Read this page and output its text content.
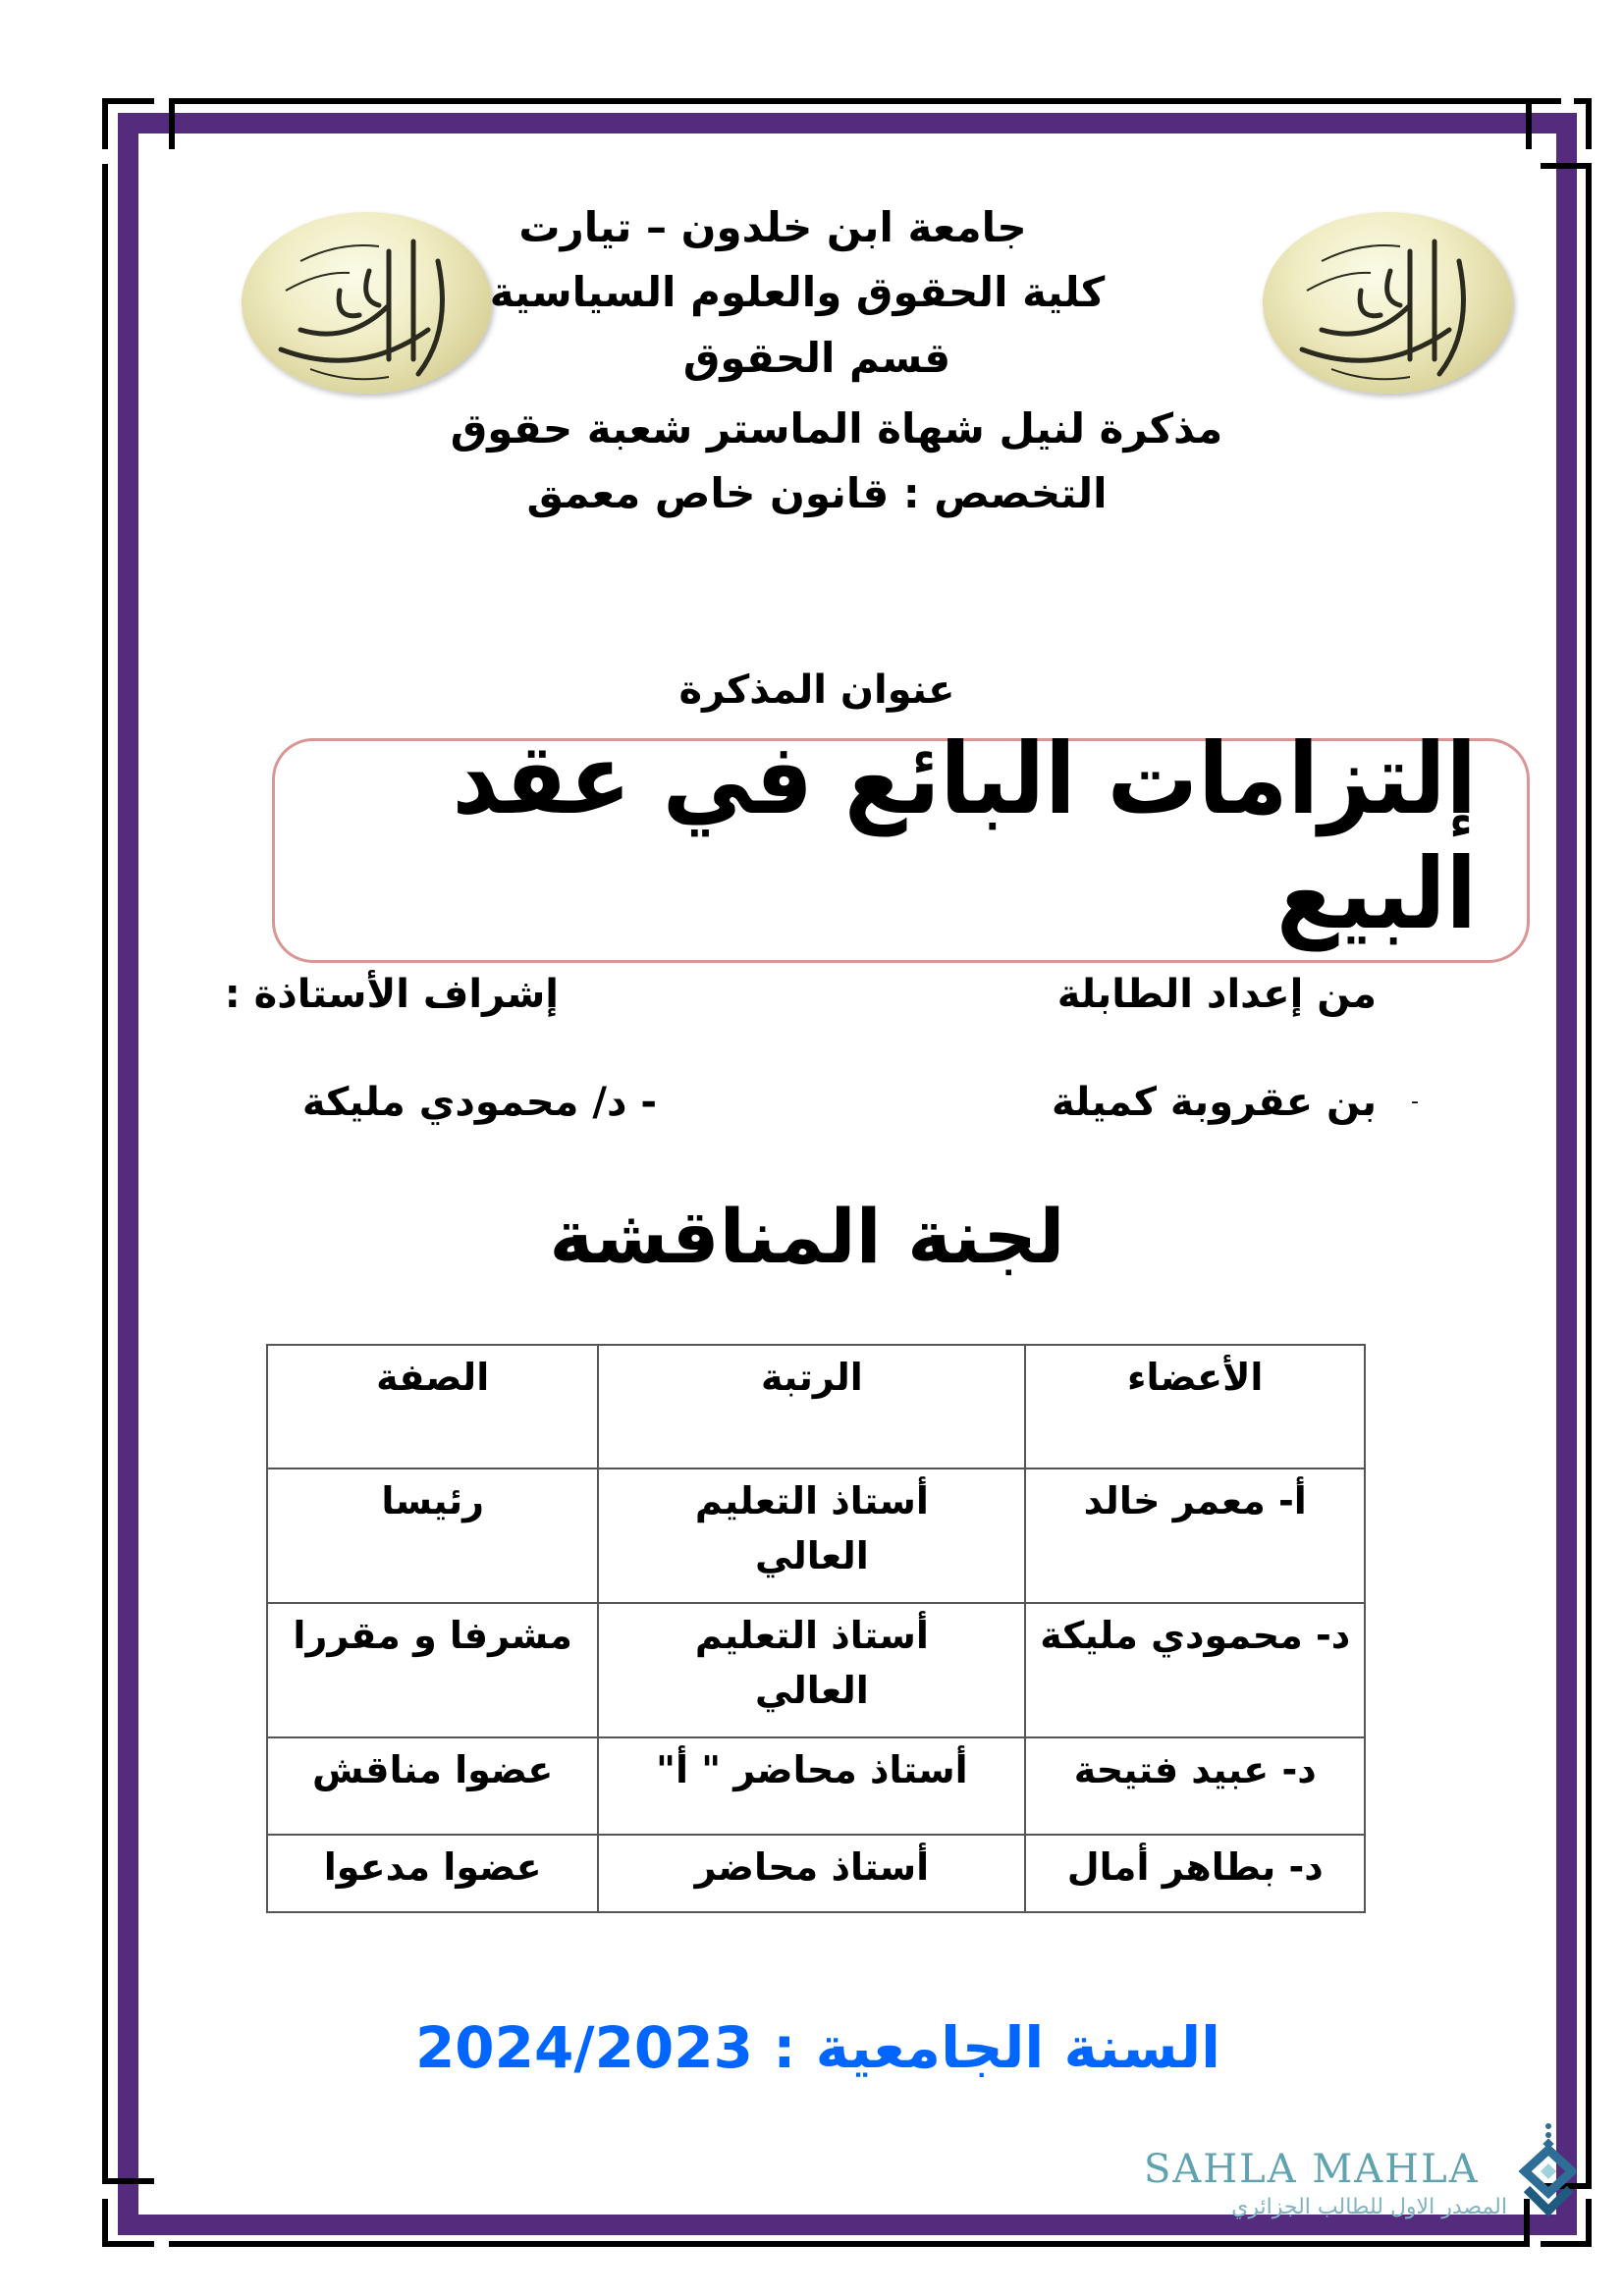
جامعة ابن خلدون – تيارت
كلية الحقوق والعلوم السياسية
قسم الحقوق
مذكرة لنيل شهاة الماستر شعبة حقوق
التخصص : قانون خاص معمق
عنوان المذكرة
إلتزامات البائع في عقد البيع
من إعداد الطابلة
إشراف الأستاذة :
-
بن عقروبة كميلة
- د/ محمودي مليكة
لجنة المناقشة
الأعضاء	الرتبة	الصفة
أ- معمر خالد	أستاذ التعليم العالي	رئيسا
د- محمودي مليكة	أستاذ التعليم العالي	مشرفا و مقررا
د- عبيد فتيحة	أستاذ محاضر " أ"	عضوا مناقش
د- بطاهر أمال	أستاذ محاضر	عضوا مدعوا
السنة الجامعية : 2024/2023
SAHLA MAHLA
المصدر الاول للطالب الجزائري
